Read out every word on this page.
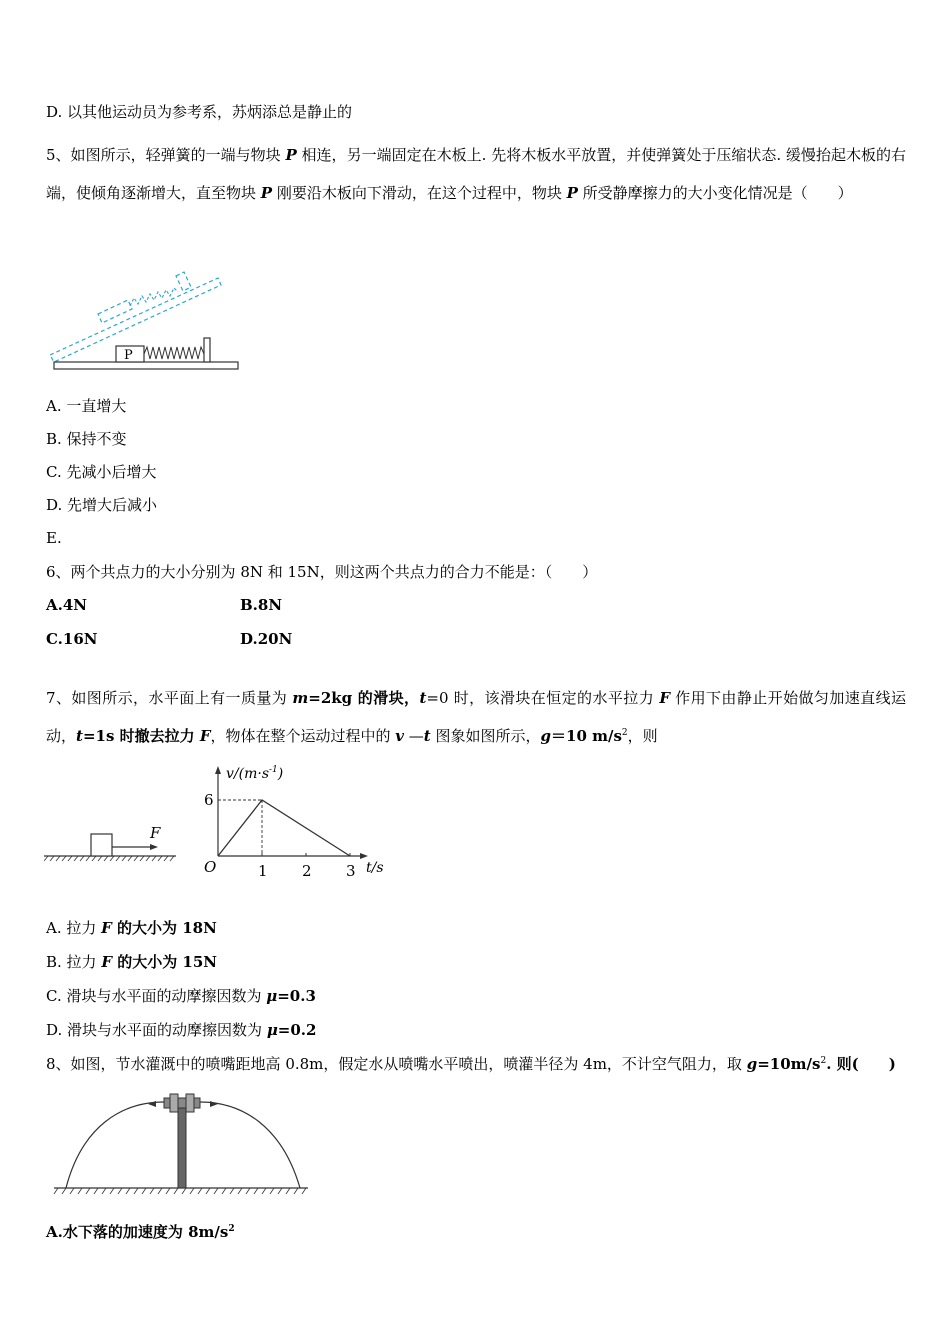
D. 以其他运动员为参考系，苏炳添总是静止的
5、如图所示，轻弹簧的一端与物块 P 相连，另一端固定在木板上. 先将木板水平放置，并使弹簧处于压缩状态. 缓慢抬起木板的右端，使倾角逐渐增大，直至物块 P 刚要沿木板向下滑动，在这个过程中，物块 P 所受静摩擦力的大小变化情况是（　　）
P
A. 一直增大
B. 保持不变
C. 先减小后增大
D. 先增大后减小
E.
6、两个共点力的大小分别为 8N 和 15N，则这两个共点力的合力不能是：（　　）
A.4N	B.8N
C.16N	D.20N
7、如图所示，水平面上有一质量为 m=2kg 的滑块，t=0 时，该滑块在恒定的水平拉力 F 作用下由静止开始做匀加速直线运动，t=1s 时撤去拉力 F，物体在整个运动过程中的 v —t 图象如图所示，g＝10 $m/s^2$，则
F
$v/(m\cdot s^{-1})$
t/s
O	1 2 3
6
A. 拉力 F 的大小为 18N
B. 拉力 F 的大小为 15N
C. 滑块与水平面的动摩擦因数为 μ=0.3
D. 滑块与水平面的动摩擦因数为 μ=0.2
8、如图，节水灌溉中的喷嘴距地高 0.8m，假定水从喷嘴水平喷出，喷灌半径为 4m，不计空气阻力，取 $g=10m/s^2$. 则(　　)
A.水下落的加速度为 $8m/s^2$
